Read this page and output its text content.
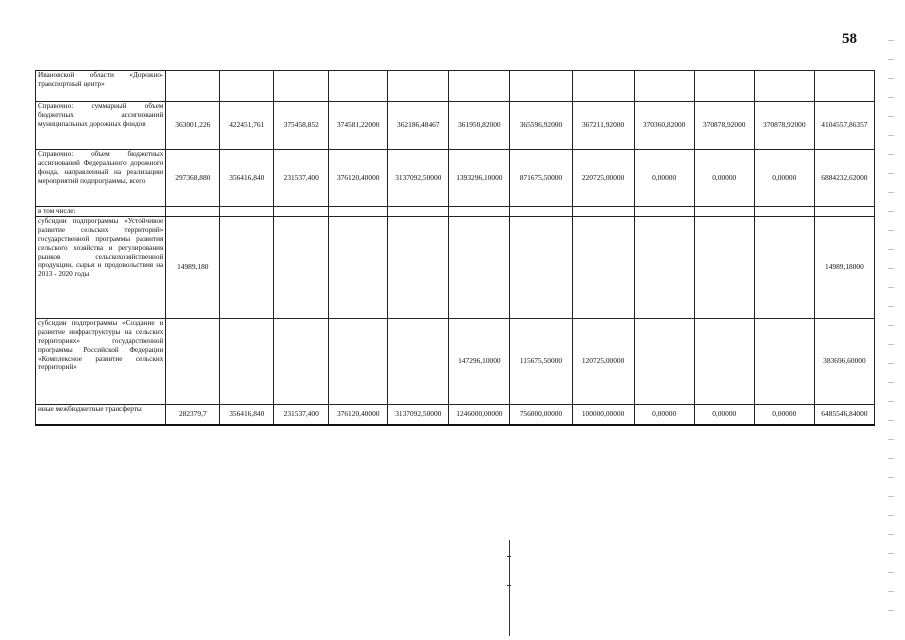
58
Ивановской области «Дорожно-транспортный центр»												
Справочно: суммарный объем бюджетных ассигнований муниципальных дорожных фондов	363001,226	422451,761	375458,852	374581,22000	362186,48467	361950,82000	365596,92000	367211,92000	370360,82000	370878,92000	370878,92000	4104557,86357
Справочно: объем бюджетных ассигнований Федерального дорожного фонда, направленный на реализацию мероприятий подпрограммы, всего	297368,880	356416,840	231537,400	376120,40000	3137092,50000	1393296,10000	871675,50000	220725,00000	0,00000	0,00000	0,00000	6884232,62000
в том числе:												
субсидии подпрограммы «Устойчивое развитие сельских территорий» государственной программы развития сельского хозяйства и регулирования рынков сельскохозяйственной продукции, сырья и продовольствия на 2013 - 2020 годы	14989,180											14989,18000
субсидии подпрограммы «Создание и развитие инфраструктуры на сельских территориях» государственной программы Российской Федерации «Комплексное развитие сельских территорий»						147296,10000	115675,50000	120725,00000				383696,60000
иные межбюджетные трансферты	282379,7	356416,840	231537,400	376120,40000	3137092,50000	1246000,00000	756000,00000	100000,00000	0,00000	0,00000	0,00000	6485546,84000
